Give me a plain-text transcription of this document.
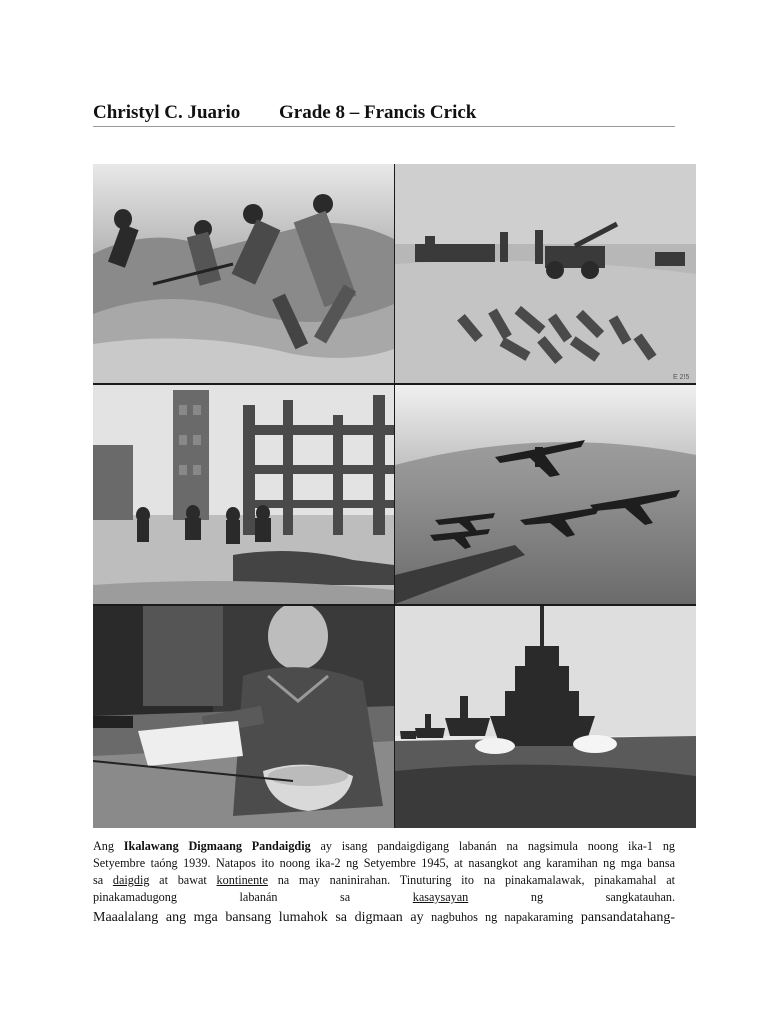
Christyl C. Juario Grade 8 – Francis Crick
E 2!5
Ang Ikalawang Digmaang Pandaigdig ay isang pandaigdigang labanán na nagsimula noong ika-1 ng
Setyembre taóng 1939. Natapos ito noong ika-2 ng Setyembre 1945, at nasangkot ang karamihan ng mga bansa
sa daigdig at bawat kontinente na may naninirahan. Tinuturing ito na pinakamalawak, pinakamahal at
pinakamadugong	labanán	sa kasaysayan ng	sangkatauhan.
Maaalalang ang mga bansang lumahok sa digmaan ay nagbuhos ng napakaraming pansandatahang-
